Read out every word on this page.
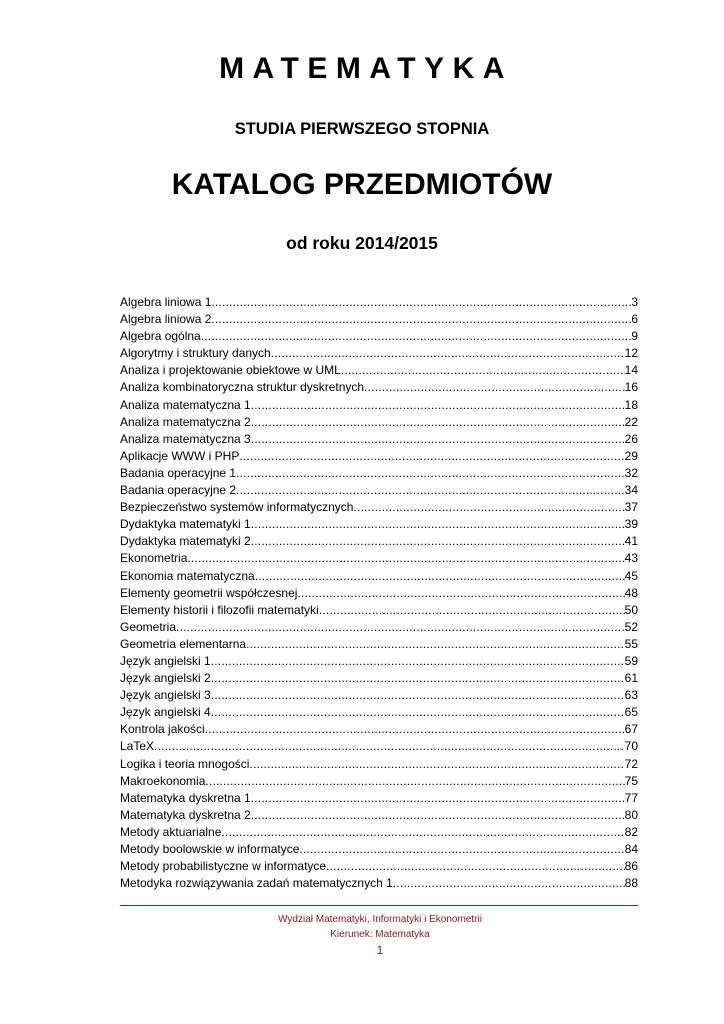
MATEMATYKA
STUDIA PIERWSZEGO STOPNIA
KATALOG PRZEDMIOTÓW
od roku 2014/2015
Algebra liniowa 1 .....	3
Algebra liniowa 2 .....	6
Algebra ogólna .....	9
Algorytmy i struktury danych .....	12
Analiza i projektowanie obiektowe w UML .....	14
Analiza kombinatoryczna struktur dyskretnych .....	16
Analiza matematyczna 1 .....	18
Analiza matematyczna 2 .....	22
Analiza matematyczna 3 .....	26
Aplikacje WWW i PHP .....	29
Badania operacyjne 1 .....	32
Badania operacyjne 2 .....	34
Bezpieczeństwo systemów informatycznych .....	37
Dydaktyka matematyki 1 .....	39
Dydaktyka matematyki 2 .....	41
Ekonometria .....	43
Ekonomia matematyczna .....	45
Elementy geometrii współczesnej .....	48
Elementy historii i filozofii matematyki .....	50
Geometria .....	52
Geometria elementarna .....	55
Język angielski 1 .....	59
Język angielski 2 .....	61
Język angielski 3 .....	63
Język angielski 4 .....	65
Kontrola jakości .....	67
LaTeX .....	70
Logika i teoria mnogości .....	72
Makroekonomia .....	75
Matematyka dyskretna 1 .....	77
Matematyka dyskretna 2 .....	80
Metody aktuarialne .....	82
Metody boolowskie w informatyce .....	84
Metody probabilistyczne w informatyce .....	86
Metodyka rozwiązywania zadań matematycznych 1 .....	88
Wydział Matematyki, Informatyki i Ekonometrii
Kierunek: Matematyka
1
